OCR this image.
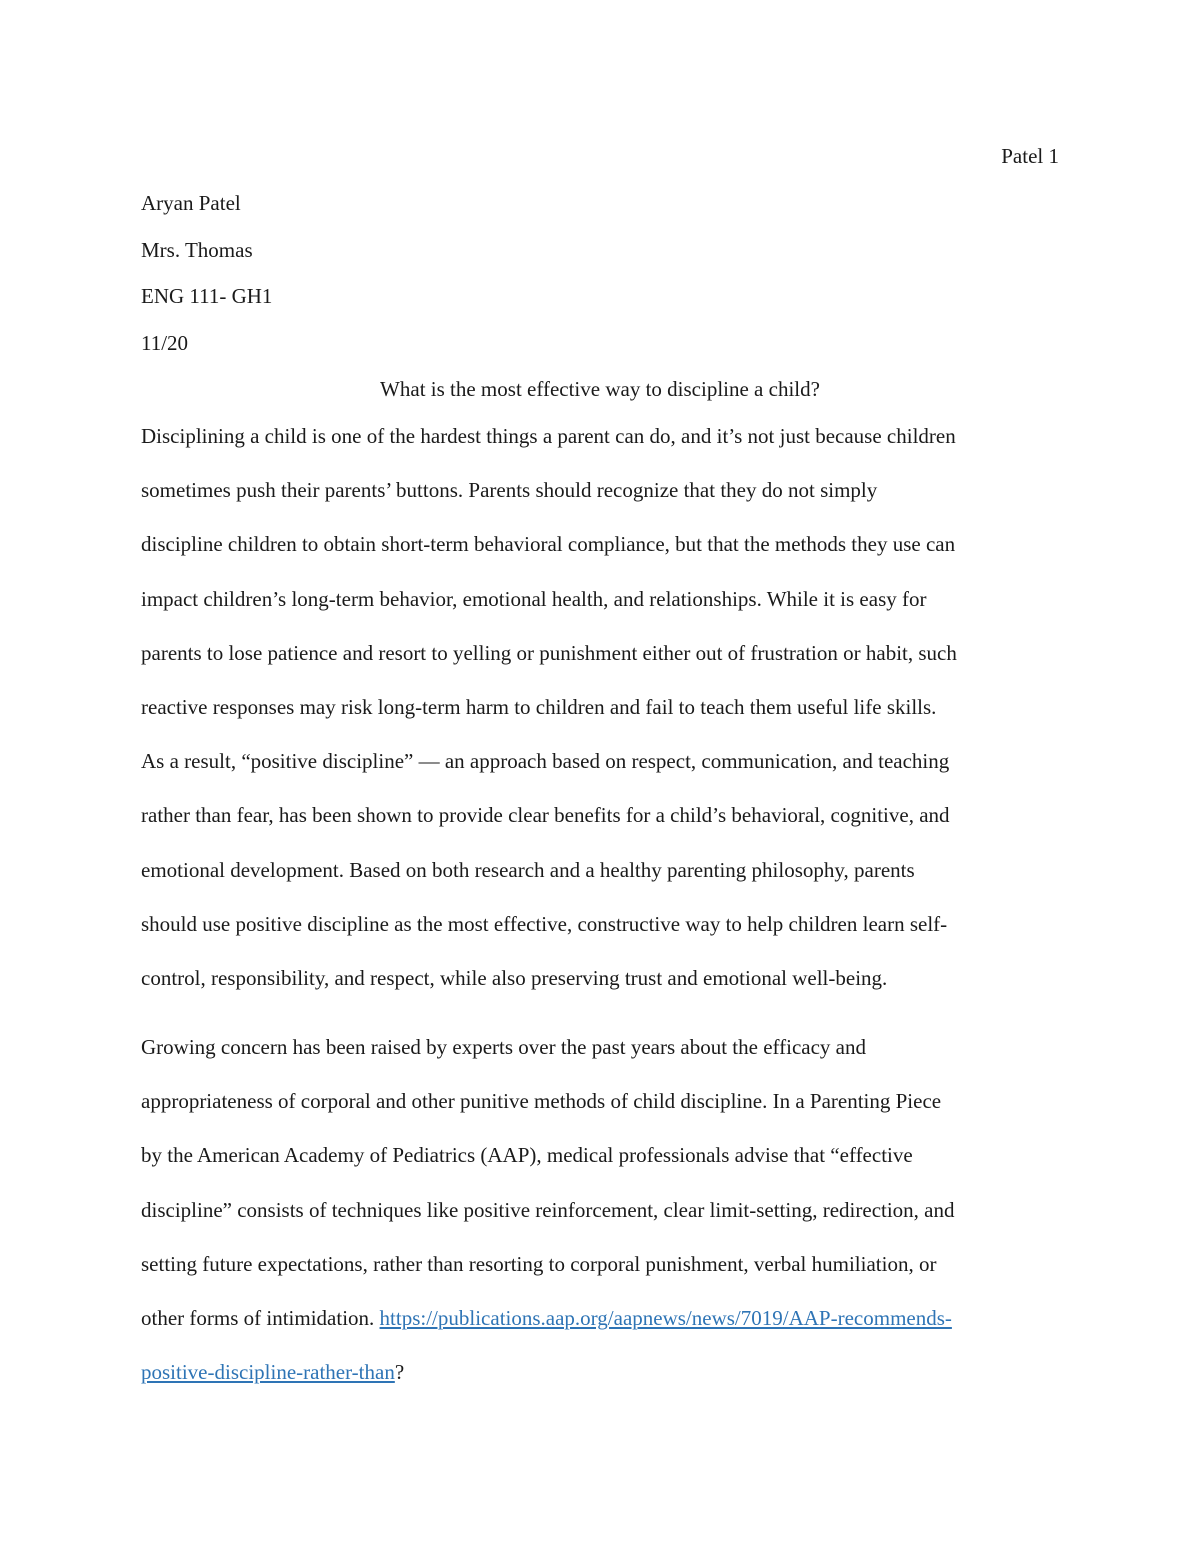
Patel 1
Aryan Patel
Mrs. Thomas
ENG 111- GH1
11/20
What is the most effective way to discipline a child?

Disciplining a child is one of the hardest things a parent can do, and it’s not just because children
sometimes push their parents’ buttons. Parents should recognize that they do not simply
discipline children to obtain short-term behavioral compliance, but that the methods they use can
impact children’s long-term behavior, emotional health, and relationships. While it is easy for
parents to lose patience and resort to yelling or punishment either out of frustration or habit, such
reactive responses may risk long-term harm to children and fail to teach them useful life skills.
As a result, “positive discipline” — an approach based on respect, communication, and teaching
rather than fear, has been shown to provide clear benefits for a child’s behavioral, cognitive, and
emotional development. Based on both research and a healthy parenting philosophy, parents
should use positive discipline as the most effective, constructive way to help children learn self-
control, responsibility, and respect, while also preserving trust and emotional well-being.

Growing concern has been raised by experts over the past years about the efficacy and
appropriateness of corporal and other punitive methods of child discipline. In a Parenting Piece
by the American Academy of Pediatrics (AAP), medical professionals advise that “effective
discipline” consists of techniques like positive reinforcement, clear limit-setting, redirection, and
setting future expectations, rather than resorting to corporal punishment, verbal humiliation, or
other forms of intimidation. https://publications.aap.org/aapnews/news/7019/AAP-recommends-
positive-discipline-rather-than?
